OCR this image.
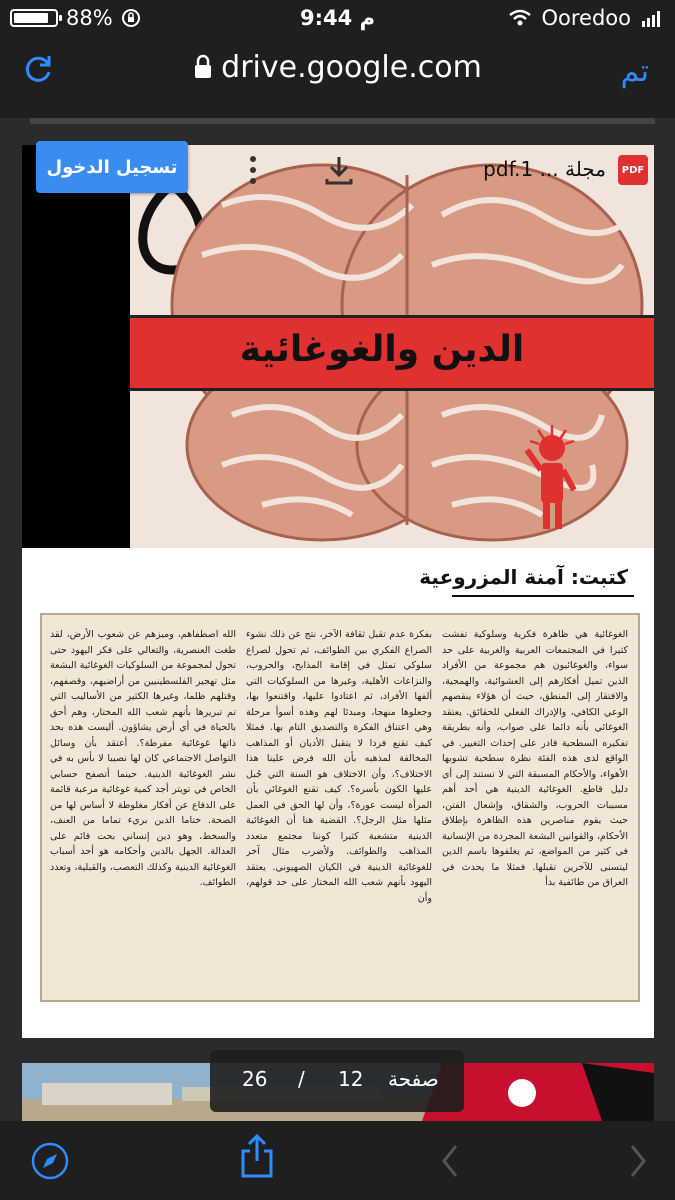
88%	9:44 م	Ooredoo
drive.google.com	تم
الدين والغوغائية
كتبت: آمنة المزروعية
الغوغائية هي ظاهرة فكرية وسلوكية تفشت كثيرا في المجتمعات العربية والغربية على حد سواء، والغوغائيون هم مجموعة من الأفراد الذين تميل أفكارهم إلى العشوائية، والهمجية، والافتقار إلى المنطق، حيث أن هؤلاء ينقصهم الوعي الكافي، والإدراك الفعلي للحقائق. يعتقد الغوغائي بأنه دائما على صواب، وأنه بطريقة تفكيره السطحية قادر على إحداث التغيير. في الواقع لدى هذه الفئة نظرة سطحية تشوبها الأهواء، والأحكام المسبقة التي لا تستند إلى أي دليل قاطع. الغوغائية الدينية هي أحد أهم مسببات الحروب، والشقاق، وإشعال الفتن، حيث يقوم مناصرين هذه الظاهرة بإطلاق الأحكام، والقوانين البشعة المجردة من الإنسانية في كثير من المواضع، ثم يغلفوها باسم الدين ليتسنى للآخرين تقبلها. فمثلا ما يحدث في العراق من طائفية بدأ
بفكرة عدم تقبل ثقافة الآخر، نتج عن ذلك نشوء الصراع الفكري بين الطوائف، ثم تحول لصراع سلوكي تمثل في إقامة المذابح، والحروب، والنزاعات الأهلية، وغيرها من السلوكيات التي ألفها الأفراد، ثم اعتادوا عليها، واقتنعوا بها، وجعلوها منهجا، ومبدئا لهم وهذه أسوأ مرحلة وهي اعتناق الفكرة والتصديق التام بها. فمثلا كيف تقنع فردا لا يتقبل الأديان أو المذاهب المخالفة لمذهبه بأن الله فرض علينا هذا الاختلاف؟، وأن الاختلاف هو السنة التي جُبل عليها الكون بأسره؟. كيف تقنع الغوغائي بأن المرأة ليست عورة؟، وأن لها الحق في العمل مثلها مثل الرجل؟. القضية هنا أن الغوغائية الدينية متشعبة كثيرا كوننا مجتمع متعدد المذاهب والطوائف. ولأضرب مثال آخر للغوغائية الدينية في الكيان الصهيوني. يعتقد اليهود بأنهم شعب الله المختار على حد قولهم، وأن
الله اصطفاهم، وميزهم عن شعوب الأرض، لقد طغت العنصرية، والتعالي على فكر اليهود حتى تحول لمجموعة من السلوكيات الغوغائية البشعة مثل تهجير الفلسطينيين من أراضيهم، وقصفهم، وقتلهم ظلما، وغيرها الكثير من الأساليب التي تم تبريرها بأنهم شعب الله المختار، وهم أحق بالحياة في أي أرض يشاؤون. أليست هذه بحد ذاتها غوغائية مفرطة؟. أعتقد بأن وسائل التواصل الاجتماعي كان لها نصيبا لا بأس به في نشر الغوغائية الدينية. حينما أتصفح حسابي الخاص في تويتر أجد كمية غوغائية مرعبة قائمة على الدفاع عن أفكار مغلوطة لا أساس لها من الصحة. ختاما الدين بريء تماما من العنف، والسخط، وهو دين إنساني بحت قائم على العدالة. الجهل بالدين وأحكامه هو أحد أسباب الغوغائية الدينية وكذلك التعصب، والقبلية، وتعدد الطوائف.
PDF
مجلة ... pdf.1
تسجيل الدخول
26 / 12 صفحة
